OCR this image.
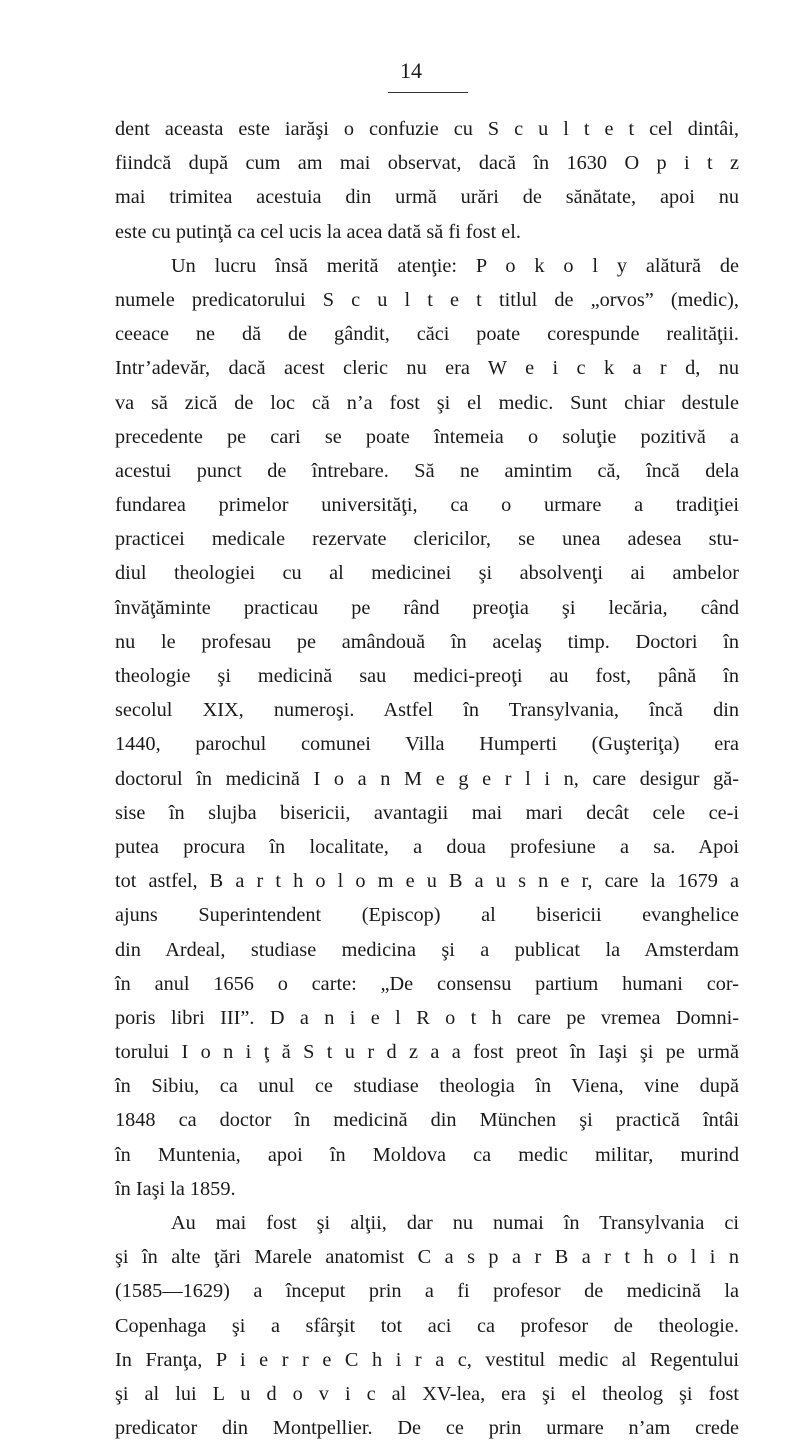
14
dent aceasta este iarăşi o confuzie cu S c u l t e t cel dintâi,
fiindcă după cum am mai observat, dacă în 1630 O p i t z
mai trimitea acestuia din urmă urări de sănătate, apoi nu
este cu putinţă ca cel ucis la acea dată să fi fost el.
Un lucru însă merită atenţie: P o k o l y alătură de
numele predicatorului S c u l t e t titlul de „orvos” (medic),
ceeace ne dă de gândit, căci poate corespunde realităţii.
Intr’adevăr, dacă acest cleric nu era W e i c k a r d, nu
va să zică de loc că n’a fost şi el medic. Sunt chiar destule
precedente pe cari se poate întemeia o soluţie pozitivă a
acestui punct de întrebare. Să ne amintim că, încă dela
fundarea primelor universităţi, ca o urmare a tradiţiei
practicei medicale rezervate clericilor, se unea adesea stu-
diul theologiei cu al medicinei şi absolvenţi ai ambelor
învăţăminte practicau pe rând preoţia şi lecăria, când
nu le profesau pe amândouă în acelaş timp. Doctori în
theologie şi medicină sau medici-preoţi au fost, până în
secolul XIX, numeroşi. Astfel în Transylvania, încă din
1440, parochul comunei Villa Humperti (Guşteriţa) era
doctorul în medicină I o a n M e g e r l i n, care desigur gă-
sise în slujba bisericii, avantagii mai mari decât cele ce-i
putea procura în localitate, a doua profesiune a sa. Apoi
tot astfel, B a r t h o l o m e u B a u s n e r, care la 1679 a
ajuns Superintendent (Episcop) al bisericii evanghelice
din Ardeal, studiase medicina şi a publicat la Amsterdam
în anul 1656 o carte: „De consensu partium humani cor-
poris libri III”. D a n i e l R o t h care pe vremea Domni-
torului I o n i ţ ă S t u r d z a a fost preot în Iaşi şi pe urmă
în Sibiu, ca unul ce studiase theologia în Viena, vine după
1848 ca doctor în medicină din München şi practică întâi
în Muntenia, apoi în Moldova ca medic militar, murind
în Iaşi la 1859.
Au mai fost şi alţii, dar nu numai în Transylvania ci
şi în alte ţări Marele anatomist C a s p a r B a r t h o l i n
(1585—1629) a început prin a fi profesor de medicină la
Copenhaga şi a sfârşit tot aci ca profesor de theologie.
In Franţa, P i e r r e C h i r a c, vestitul medic al Regentului
şi al lui L u d o v i c al XV-lea, era şi el theolog şi fost
predicator din Montpellier. De ce prin urmare n’am crede
